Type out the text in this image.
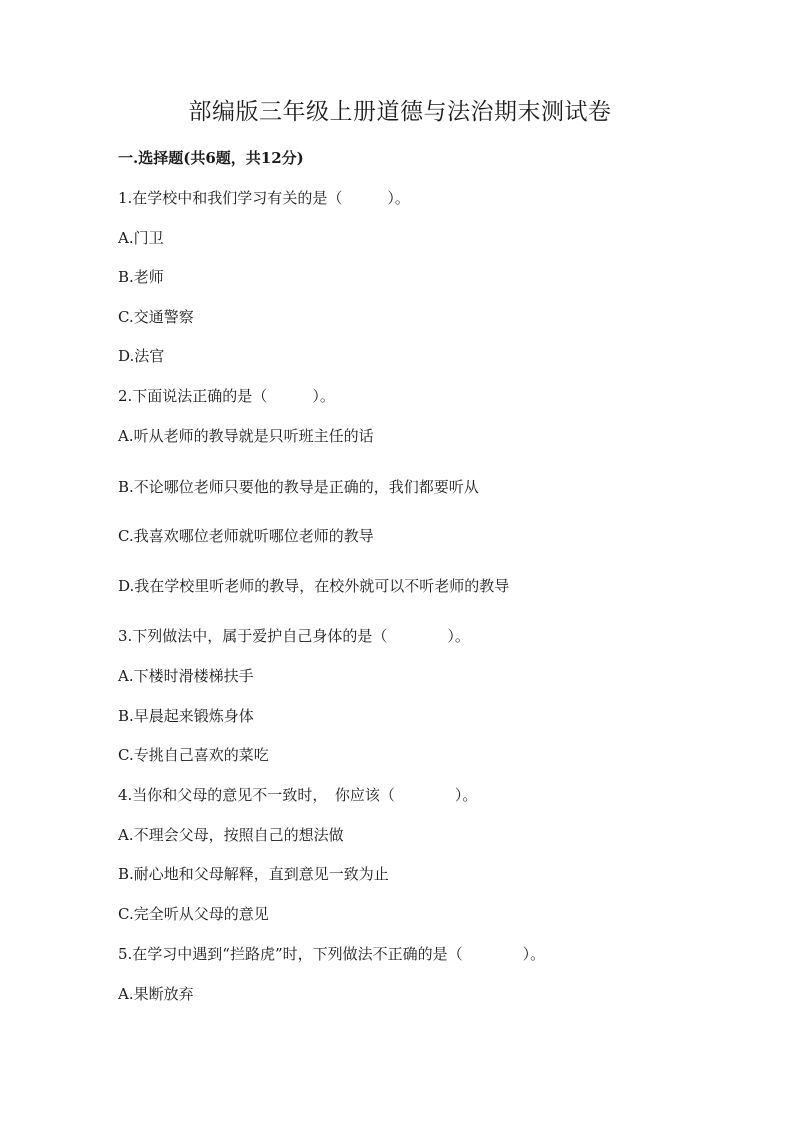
部编版三年级上册道德与法治期末测试卷
一.选择题(共6题，共12分)
1.在学校中和我们学习有关的是（　　　）。
A.门卫
B.老师
C.交通警察
D.法官
2.下面说法正确的是（　　　）。
A.听从老师的教导就是只听班主任的话
B.不论哪位老师只要他的教导是正确的，我们都要听从
C.我喜欢哪位老师就听哪位老师的教导
D.我在学校里听老师的教导，在校外就可以不听老师的教导
3.下列做法中，属于爱护自己身体的是（　　　　）。
A.下楼时滑楼梯扶手
B.早晨起来锻炼身体
C.专挑自己喜欢的菜吃
4.当你和父母的意见不一致时，　你应该（　　　　）。
A.不理会父母，按照自己的想法做
B.耐心地和父母解释，直到意见一致为止
C.完全听从父母的意见
5.在学习中遇到“拦路虎”时，下列做法不正确的是（　　　　）。
A.果断放弃
